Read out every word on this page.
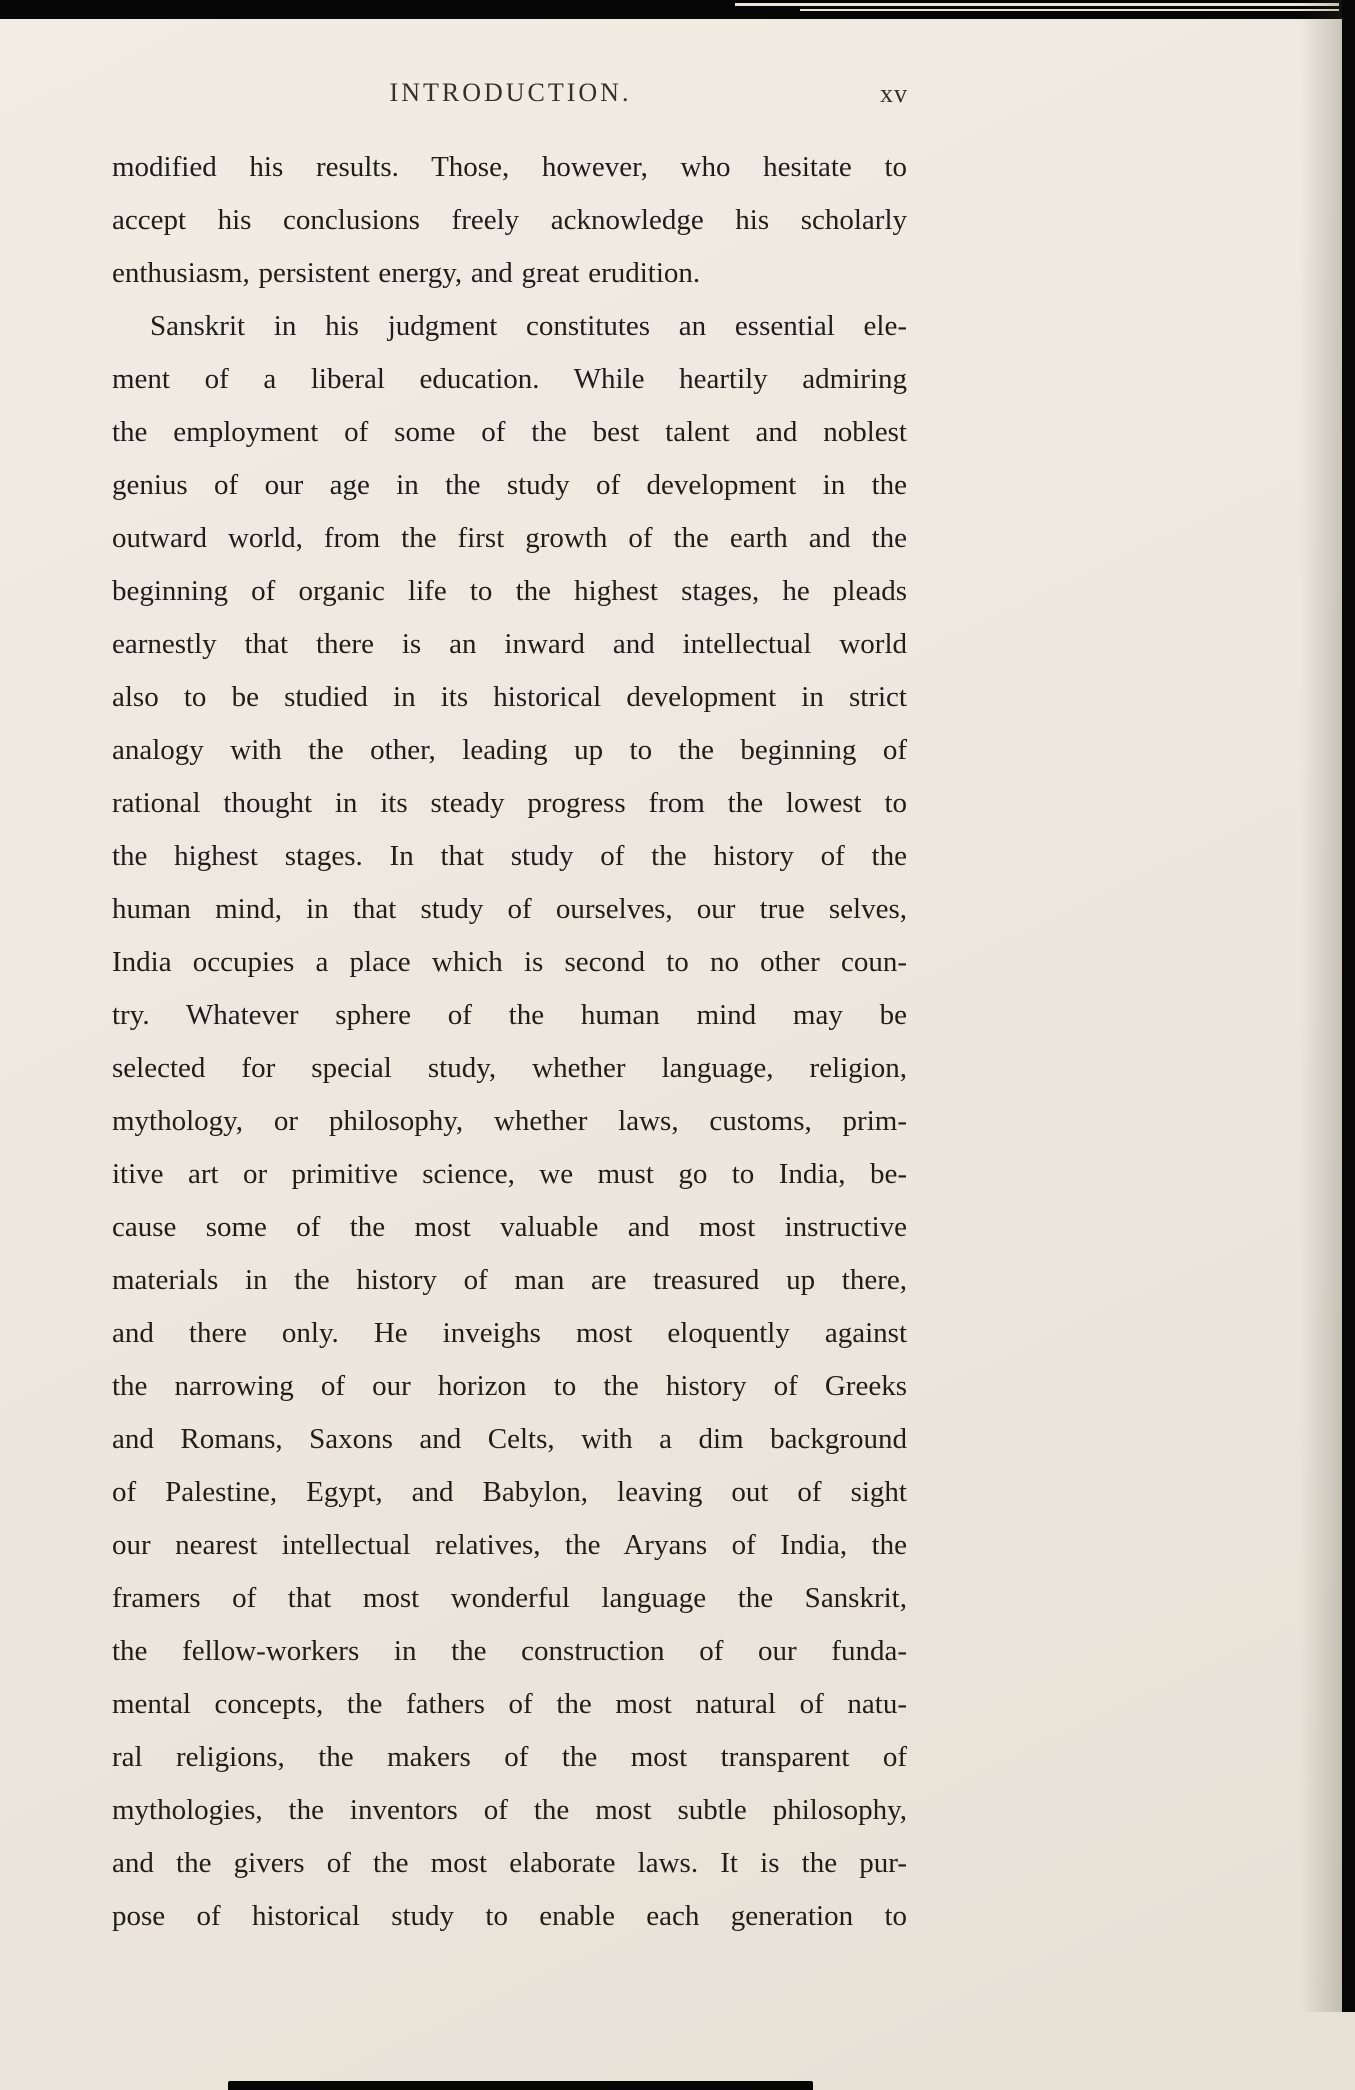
INTRODUCTION.	xv
modified his results. Those, however, who hesitate to
accept his conclusions freely acknowledge his scholarly
enthusiasm, persistent energy, and great erudition.
Sanskrit in his judgment constitutes an essential ele-
ment of a liberal education. While heartily admiring
the employment of some of the best talent and noblest
genius of our age in the study of development in the
outward world, from the first growth of the earth and the
beginning of organic life to the highest stages, he pleads
earnestly that there is an inward and intellectual world
also to be studied in its historical development in strict
analogy with the other, leading up to the beginning of
rational thought in its steady progress from the lowest to
the highest stages. In that study of the history of the
human mind, in that study of ourselves, our true selves,
India occupies a place which is second to no other coun-
try. Whatever sphere of the human mind may be
selected for special study, whether language, religion,
mythology, or philosophy, whether laws, customs, prim-
itive art or primitive science, we must go to India, be-
cause some of the most valuable and most instructive
materials in the history of man are treasured up there,
and there only. He inveighs most eloquently against
the narrowing of our horizon to the history of Greeks
and Romans, Saxons and Celts, with a dim background
of Palestine, Egypt, and Babylon, leaving out of sight
our nearest intellectual relatives, the Aryans of India, the
framers of that most wonderful language the Sanskrit,
the fellow-workers in the construction of our funda-
mental concepts, the fathers of the most natural of natu-
ral religions, the makers of the most transparent of
mythologies, the inventors of the most subtle philosophy,
and the givers of the most elaborate laws. It is the pur-
pose of historical study to enable each generation to
